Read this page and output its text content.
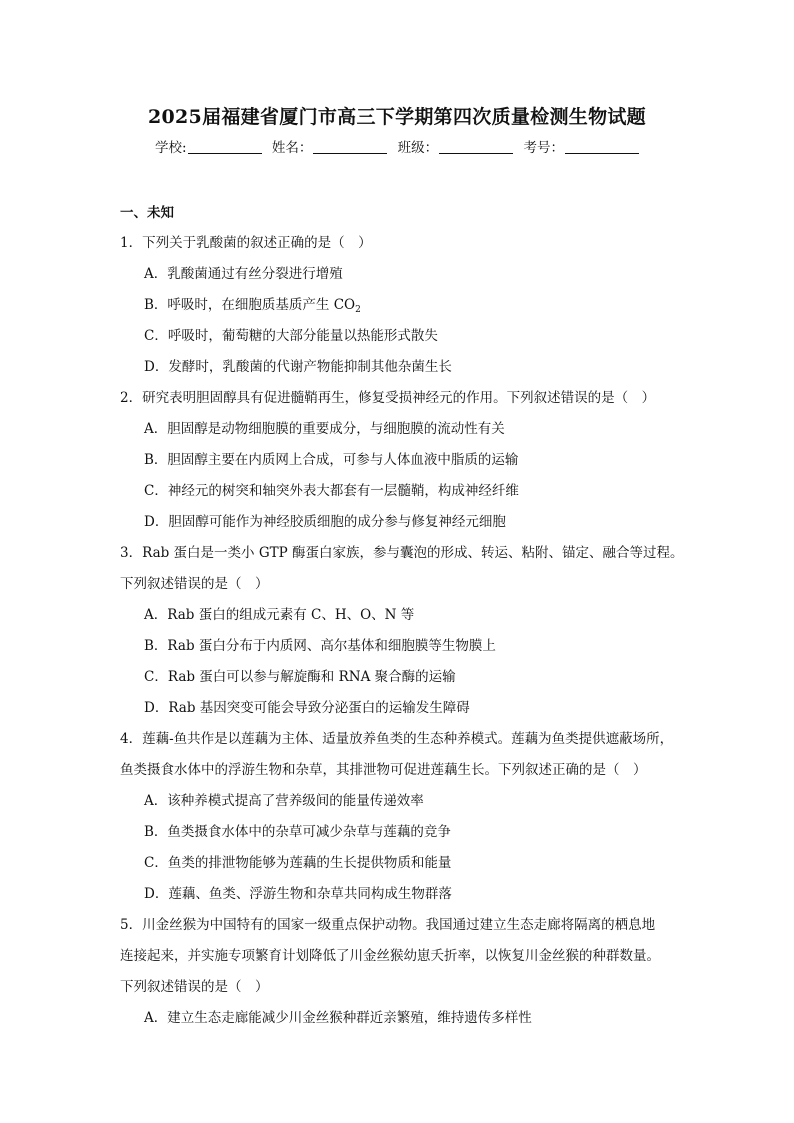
2025届福建省厦门市高三下学期第四次质量检测生物试题
学校:	姓名：	班级：	考号：
一、未知

1．下列关于乳酸菌的叙述正确的是（　）

A．乳酸菌通过有丝分裂进行增殖

B．呼吸时，在细胞质基质产生 $CO_2$

C．呼吸时，葡萄糖的大部分能量以热能形式散失

D．发酵时，乳酸菌的代谢产物能抑制其他杂菌生长

2．研究表明胆固醇具有促进髓鞘再生，修复受损神经元的作用。下列叙述错误的是（　）

A．胆固醇是动物细胞膜的重要成分，与细胞膜的流动性有关

B．胆固醇主要在内质网上合成，可参与人体血液中脂质的运输

C．神经元的树突和轴突外表大都套有一层髓鞘，构成神经纤维

D．胆固醇可能作为神经胶质细胞的成分参与修复神经元细胞

3．Rab 蛋白是一类小 GTP 酶蛋白家族，参与囊泡的形成、转运、粘附、锚定、融合等过程。

下列叙述错误的是（　）

A．Rab 蛋白的组成元素有 C、H、O、N 等

B．Rab 蛋白分布于内质网、高尔基体和细胞膜等生物膜上

C．Rab 蛋白可以参与解旋酶和 RNA 聚合酶的运输

D．Rab 基因突变可能会导致分泌蛋白的运输发生障碍

4．莲藕-鱼共作是以莲藕为主体、适量放养鱼类的生态种养模式。莲藕为鱼类提供遮蔽场所，

鱼类摄食水体中的浮游生物和杂草，其排泄物可促进莲藕生长。下列叙述正确的是（　）

A．该种养模式提高了营养级间的能量传递效率

B．鱼类摄食水体中的杂草可减少杂草与莲藕的竞争

C．鱼类的排泄物能够为莲藕的生长提供物质和能量

D．莲藕、鱼类、浮游生物和杂草共同构成生物群落

5．川金丝猴为中国特有的国家一级重点保护动物。我国通过建立生态走廊将隔离的栖息地

连接起来，并实施专项繁育计划降低了川金丝猴幼崽夭折率，以恢复川金丝猴的种群数量。

下列叙述错误的是（　）

A．建立生态走廊能减少川金丝猴种群近亲繁殖，维持遗传多样性
